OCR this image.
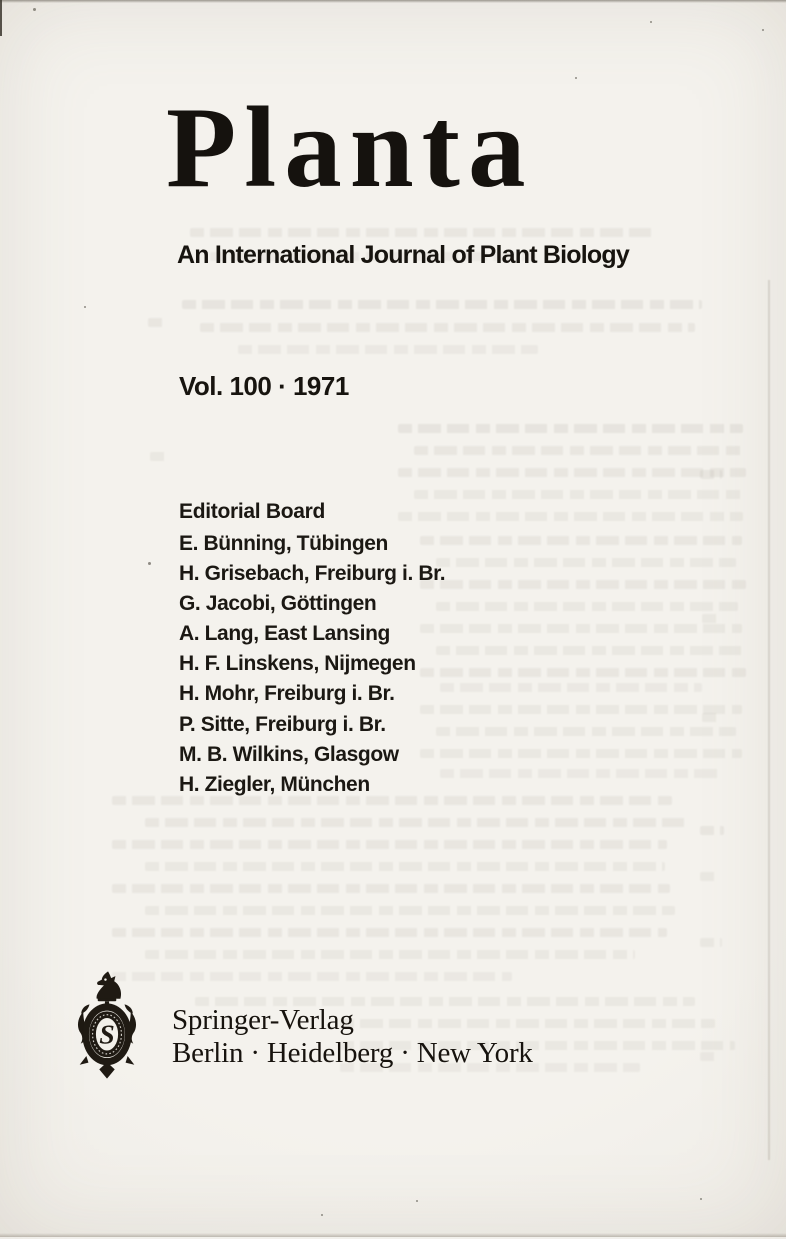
Planta
An International Journal of Plant Biology
Vol. 100 · 1971
Editorial Board
E. Bünning, Tübingen
H. Grisebach, Freiburg i. Br.
G. Jacobi, Göttingen
A. Lang, East Lansing
H. F. Linskens, Nijmegen
H. Mohr, Freiburg i. Br.
P. Sitte, Freiburg i. Br.
M. B. Wilkins, Glasgow
H. Ziegler, München
S Springer-Verlag
Berlin · Heidelberg · New York
